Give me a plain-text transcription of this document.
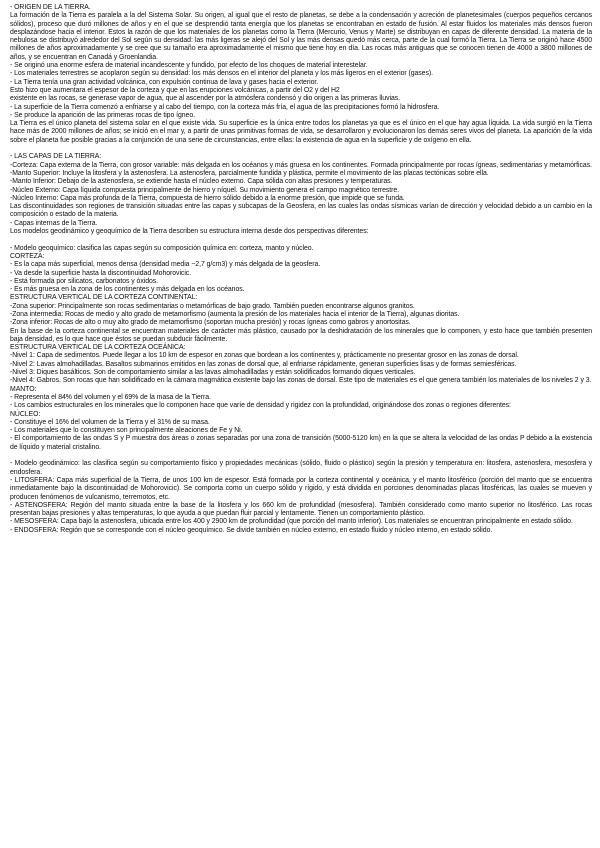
- ORIGEN DE LA TIERRA.

La formación de la Tierra es paralela a la del Sistema Solar. Su origen, al igual que el resto de planetas, se debe a la condensación y acreción de planetesimales (cuerpos pequeños cercanos sólidos), proceso que duró millones de años y en el que se desprendió tanta energía que los planetas se encontraban en estado de fusión. Al estar fluidos los materiales más densos fueron desplazándose hacia el interior. Estos la razón de que los materiales de los planetas como la Tierra (Mercurio, Venus y Marte) se distribuyan en capas de diferente densidad. La materia de la nebulosa se distribuyó alrededor del Sol según su densidad: las más ligeras se alejó del Sol y las más densas quedó más cerca, parte de la cual formó la Tierra. La Tierra se originó hace 4500 millones de años aproximadamente y se cree que su tamaño era aproximadamente el mismo que tiene hoy en día. Las rocas más antiguas que se conocen tienen de 4000 a 3800 millones de años, y se encuentran en Canadá y Groenlandia.

- Se originó una enorme esfera de material incandescente y fundido, por efecto de los choques de material interestelar.

- Los materiales terrestres se acoplaron según su densidad: los más densos en el interior del planeta y los más ligeros en el exterior (gases).

- La Tierra tenía una gran actividad volcánica, con expulsión continua de lava y gases hacia el exterior.

Esto hizo que aumentara el espesor de la corteza y que en las erupciones volcánicas, a partir del O2 y del H2

existente en las rocas, se generase vapor de agua, que al ascender por la atmósfera condensó y dio origen a las primeras lluvias.

- La superficie de la Tierra comenzó a enfriarse y al cabo del tiempo, con la corteza más fría, el agua de las precipitaciones formó la hidrosfera.

- Se produce la aparición de las primeras rocas de tipo ígneo.

La Tierra es el único planeta del sistema solar en el que existe vida. Su superficie es la única entre todos los planetas ya que es el único en el que hay agua líquida. La vida surgió en la Tierra hace más de 2000 millones de años; se inició en el mar y, a partir de unas primitivas formas de vida, se desarrollaron y evolucionaron los demás seres vivos del planeta. La aparición de la vida sobre el planeta fue posible gracias a la conjunción de una serie de circunstancias, entre ellas: la existencia de agua en la superficie y de oxígeno en ella.

- LAS CAPAS DE LA TIERRA:

-Corteza: Capa externa de la Tierra, con grosor variable: más delgada en los océanos y más gruesa en los continentes. Formada principalmente por rocas ígneas, sedimentarias y metamórficas.

-Manto Superior: Incluye la litosfera y la astenosfera. La astenosfera, parcialmente fundida y plástica, permite el movimiento de las placas tectónicas sobre ella.

-Manto Inferior: Debajo de la astenosfera, se extiende hasta el núcleo externo. Capa sólida con altas presiones y temperaturas.

-Núcleo Externo: Capa líquida compuesta principalmente de hierro y níquel. Su movimiento genera el campo magnético terrestre.

-Núcleo Interno: Capa más profunda de la Tierra, compuesta de hierro sólido debido a la enorme presión, que impide que se funda.

Las discontinuidades son regiones de transición situadas entre las capas y subcapas de la Geosfera, en las cuales las ondas sísmicas varían de dirección y velocidad debido a un cambio en la composición o estado de la materia.

- Capas internas de la Tierra.

Los modelos geodinámico y geoquímico de la Tierra describen su estructura interna desde dos perspectivas diferentes:

- Modelo geoquímico: clasifica las capas según su composición química en: corteza, manto y núcleo.

CORTEZA:

- Es la capa más superficial, menos densa (densidad media ~2,7 g/cm3) y más delgada de la geosfera.

- Va desde la superficie hasta la discontinuidad Mohorovicic.

- Está formada por silicatos, carbonatos y óxidos.

- Es más gruesa en la zona de los continentes y más delgada en los océanos.

ESTRUCTURA VERTICAL DE LA CORTEZA CONTINENTAL:

-Zona superior: Principalmente son rocas sedimentarias o metamórficas de bajo grado. También pueden encontrarse algunos granitos.

-Zona intermedia: Rocas de medio y alto grado de metamorfismo (aumenta la presión de los materiales hacia el interior de la Tierra), algunas dioritas.

-Zona inferior: Rocas de alto o muy alto grado de metamorfismo (soportan mucha presión) y rocas ígneas como gabros y anortositas.

En la base de la corteza continental se encuentran materiales de carácter más plástico, causado por la deshidratación de los minerales que lo componen, y esto hace que también presenten baja densidad, es lo que hace que éstos se puedan subducir fácilmente.

ESTRUCTURA VERTICAL DE LA CORTEZA OCEÁNICA:

-Nivel 1: Capa de sedimentos. Puede llegar a los 10 km de espesor en zonas que bordean a los continentes y, prácticamente no presentar grosor en las zonas de dorsal.

-Nivel 2: Lavas almohadilladas. Basaltos submarinos emitidos en las zonas de dorsal que, al enfriarse rápidamente, generan superficies lisas y de formas semiesféricas.

-Nivel 3: Diques basálticos. Son de comportamiento similar a las lavas almohadilladas y están solidificados formando diques verticales.

-Nivel 4: Gabros. Son rocas que han solidificado en la cámara magmática existente bajo las zonas de dorsal. Este tipo de materiales es el que genera también los materiales de los niveles 2 y 3.

MANTO:

- Representa el 84% del volumen y el 69% de la masa de la Tierra.

- Los cambios estructurales en los minerales que lo componen hace que varíe de densidad y rigidez con la profundidad, originándose dos zonas o regiones diferentes:

NÚCLEO:

- Constituye el 16% del volumen de la Tierra y el 31% de su masa.

- Los materiales que lo constituyen son principalmente aleaciones de Fe y Ni.

- El comportamiento de las ondas S y P muestra dos áreas o zonas separadas por una zona de transición (5000-5120 km) en la que se altera la velocidad de las ondas P debido a la existencia de líquido y material cristalino.

- Modelo geodinámico: las clasifica según su comportamiento físico y propiedades mecánicas (sólido, fluido o plástico) según la presión y temperatura en: litosfera, astenosfera, mesosfera y endosfera.

- LITOSFERA: Capa más superficial de la Tierra, de unos 100 km de espesor. Está formada por la corteza continental y oceánica, y el manto litosférico (porción del manto que se encuentra inmediatamente bajo la discontinuidad de Mohorovicic). Se comporta como un cuerpo sólido y rígido, y está dividida en porciones denominadas placas litosféricas, las cuales se mueven y producen fenómenos de vulcanismo, terremotos, etc.

- ASTENOSFERA: Región del manto situada entre la base de la litosfera y los 660 km de profundidad (mesosfera). También considerado como manto superior no litosférico. Las rocas presentan bajas presiones y altas temperaturas, lo que ayuda a que puedan fluir parcial y lentamente. Tienen un comportamiento plástico.

- MESOSFERA: Capa bajo la astenosfera, ubicada entre los 400 y 2900 km de profundidad (que porción del manto inferior). Los materiales se encuentran principalmente en estado sólido.

- ENDOSFERA: Región que se corresponde con el núcleo geoquímico. Se divide también en núcleo externo, en estado fluido y núcleo interno, en estado sólido.
